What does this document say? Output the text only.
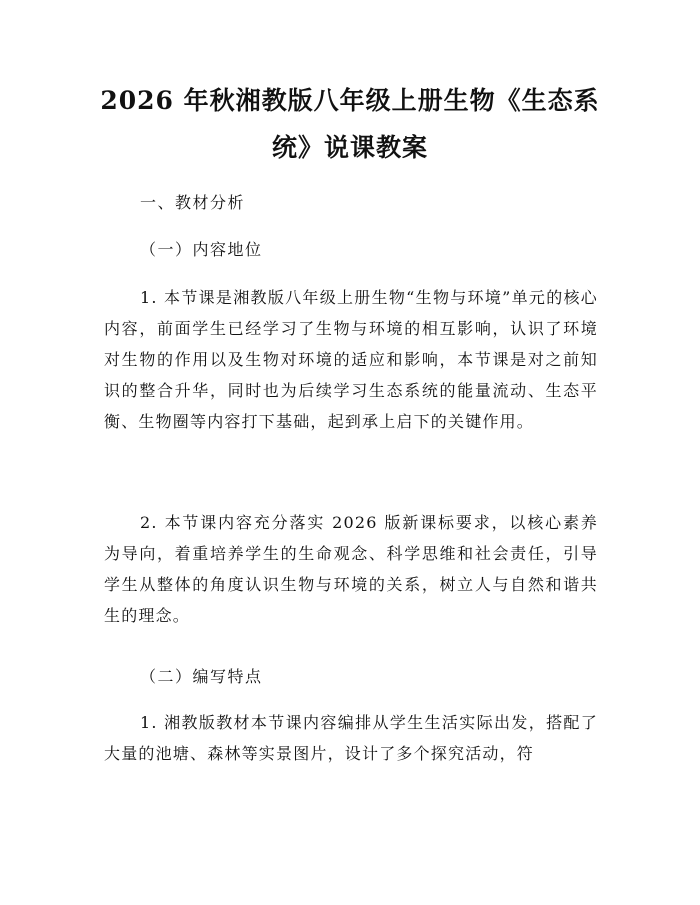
2026 年秋湘教版八年级上册生物《生态系
统》说课教案

一、教材分析

（一）内容地位

1. 本节课是湘教版八年级上册生物“生物与环境”单元的核心内容，前面学生已经学习了生物与环境的相互影响，认识了环境对生物的作用以及生物对环境的适应和影响，本节课是对之前知识的整合升华，同时也为后续学习生态系统的能量流动、生态平衡、生物圈等内容打下基础，起到承上启下的关键作用。

2. 本节课内容充分落实 2026 版新课标要求，以核心素养为导向，着重培养学生的生命观念、科学思维和社会责任，引导学生从整体的角度认识生物与环境的关系，树立人与自然和谐共生的理念。

（二）编写特点

1. 湘教版教材本节课内容编排从学生生活实际出发，搭配了大量的池塘、森林等实景图片，设计了多个探究活动，符
